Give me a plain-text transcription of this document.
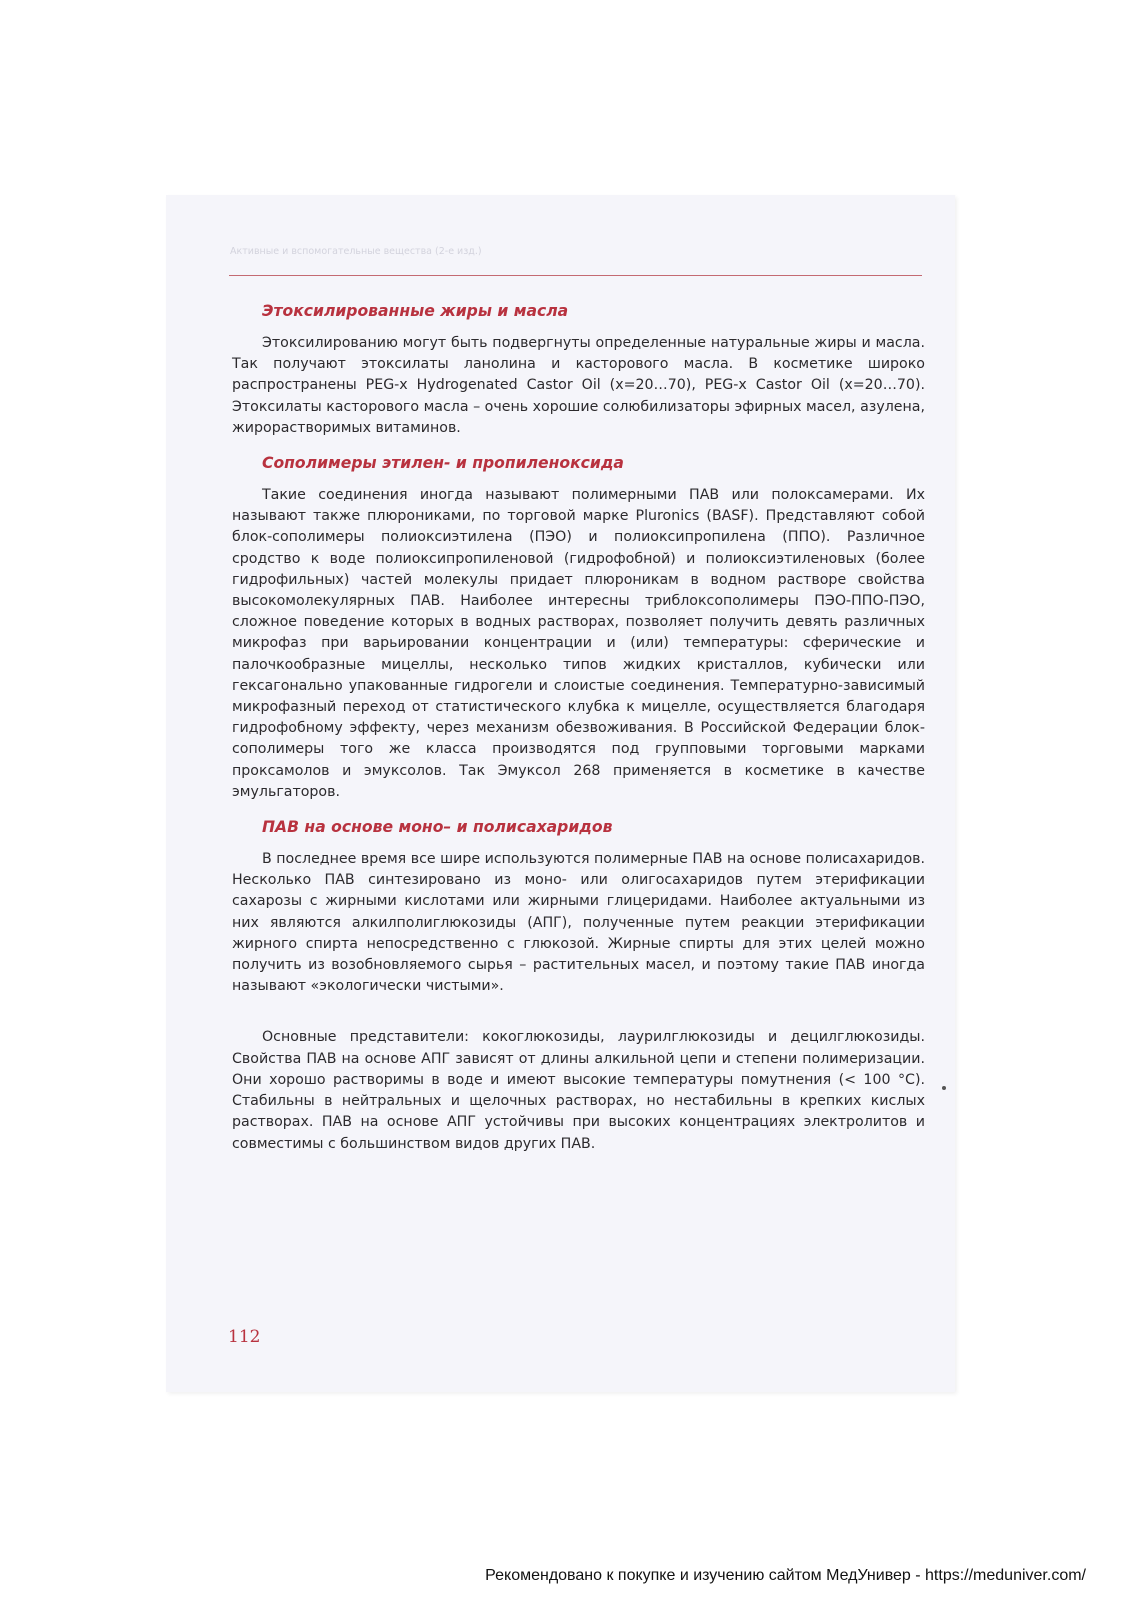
Активные и вспомогательные вещества (2-е изд.)
Этоксилированные жиры и масла

Этоксилированию могут быть подвергнуты определенные натуральные жиры и масла. Так получают этоксилаты ланолина и касторового масла. В косметике широко распространены PEG-x Hydrogenated Castor Oil (x=20…70), PEG-x Castor Oil (x=20…70). Этоксилаты касторового масла – очень хорошие солюбилизаторы эфирных масел, азулена, жирорастворимых витаминов.

Сополимеры этилен- и пропиленоксида

Такие соединения иногда называют полимерными ПАВ или полоксамерами. Их называют также плюрониками, по торговой марке Pluronics (BASF). Представляют собой блок-сополимеры полиоксиэтилена (ПЭО) и полиоксипропилена (ППО). Различное сродство к воде полиоксипропиленовой (гидрофобной) и полиоксиэтиленовых (более гидрофильных) частей молекулы придает плюроникам в водном растворе свойства высокомолекулярных ПАВ. Наиболее интересны триблоксополимеры ПЭО-ППО-ПЭО, сложное поведение которых в водных растворах, позволяет получить девять различных микрофаз при варьировании концентрации и (или) температуры: сферические и палочкообразные мицеллы, несколько типов жидких кристаллов, кубически или гексагонально упакованные гидрогели и слоистые соединения. Температурно-зависимый микрофазный переход от статистического клубка к мицелле, осуществляется благодаря гидрофобному эффекту, через механизм обезвоживания. В Российской Федерации блок-сополимеры того же класса производятся под групповыми торговыми марками проксамолов и эмуксолов. Так Эмуксол 268 применяется в косметике в качестве эмульгаторов.

ПАВ на основе моно– и полисахаридов

В последнее время все шире используются полимерные ПАВ на основе полисахаридов. Несколько ПАВ синтезировано из моно- или олигосахаридов путем этерификации сахарозы с жирными кислотами или жирными глицеридами. Наиболее актуальными из них являются алкилполиглюкозиды (АПГ), полученные путем реакции этерификации жирного спирта непосредственно с глюкозой. Жирные спирты для этих целей можно получить из возобновляемого сырья – растительных масел, и поэтому такие ПАВ иногда называют «экологически чистыми».

Основные представители: кокоглюкозиды, лаурилглюкозиды и децилглюкозиды. Свойства ПАВ на основе АПГ зависят от длины алкильной цепи и степени полимеризации. Они хорошо растворимы в воде и имеют высокие температуры помутнения (< 100 °C). Стабильны в нейтральных и щелочных растворах, но нестабильны в крепких кислых растворах. ПАВ на основе АПГ устойчивы при высоких концентрациях электролитов и совместимы с большинством видов других ПАВ.

112
Рекомендовано к покупке и изучению сайтом МедУнивер - https://meduniver.com/
